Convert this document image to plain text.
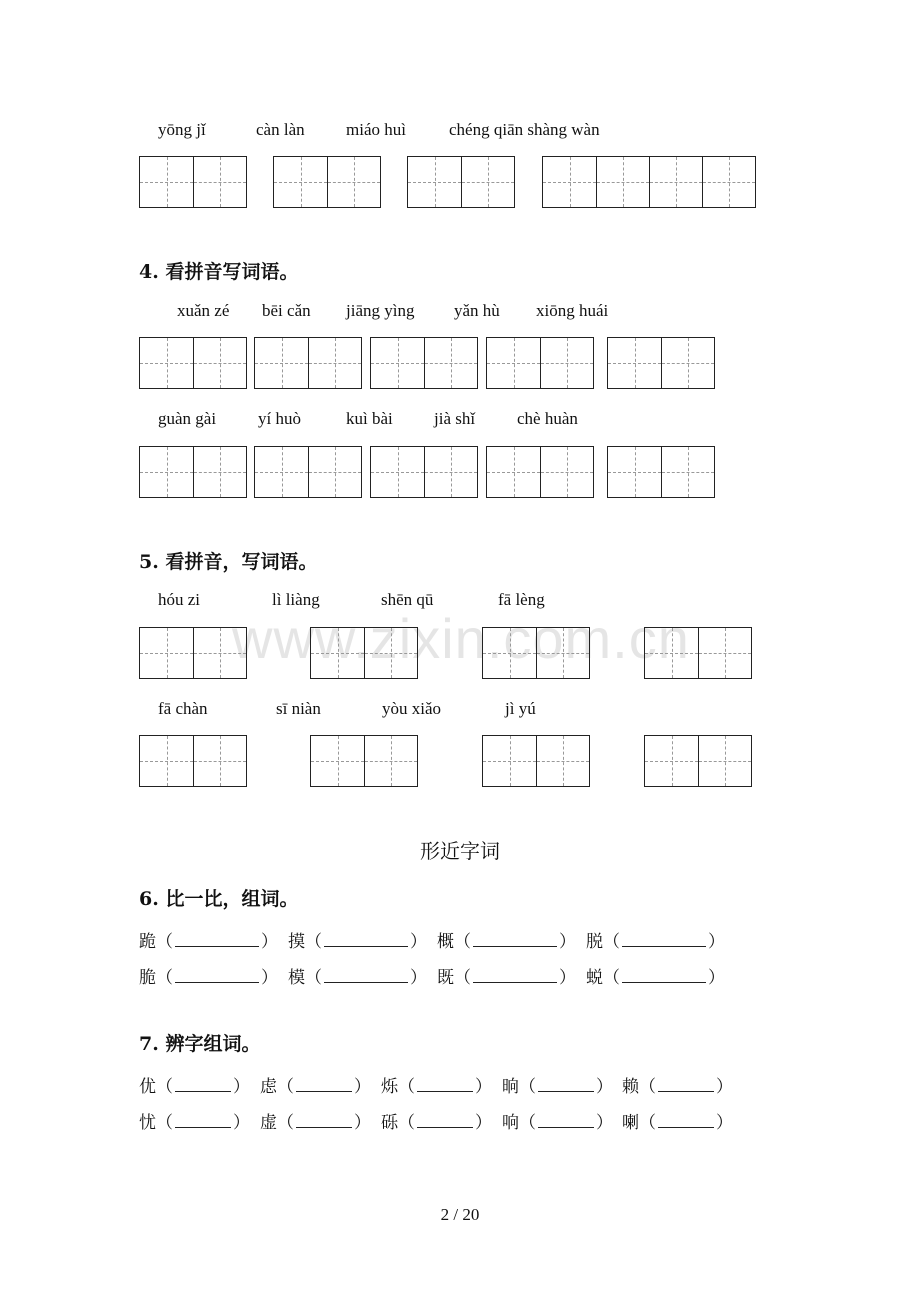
www.zixin.com.cn
yōng jǐ	càn làn miáo huì	chéng qiān shàng wàn
4. 看拼音写词语。
xuǎn zé bēi cǎn jiāng yìng yǎn hù xiōng huái
guàn gài yí huò	kuì bài jià shǐ chè huàn
5. 看拼音，写词语。
hóu zi	lì liàng	shēn qū	fā lèng
fā chàn	sī niàn	yòu xiǎo	jì yú
形近字词
6. 比一比，组词。
跪（	） 摸（	） 概（	） 脱（	）
脆（	） 模（	） 既（	） 蜕（	）
7. 辨字组词。
优（	） 虑（	） 烁（	） 晌（	） 赖（	）
忧（	） 虚（	） 砾（	） 响（	） 喇（	）
2 / 20
